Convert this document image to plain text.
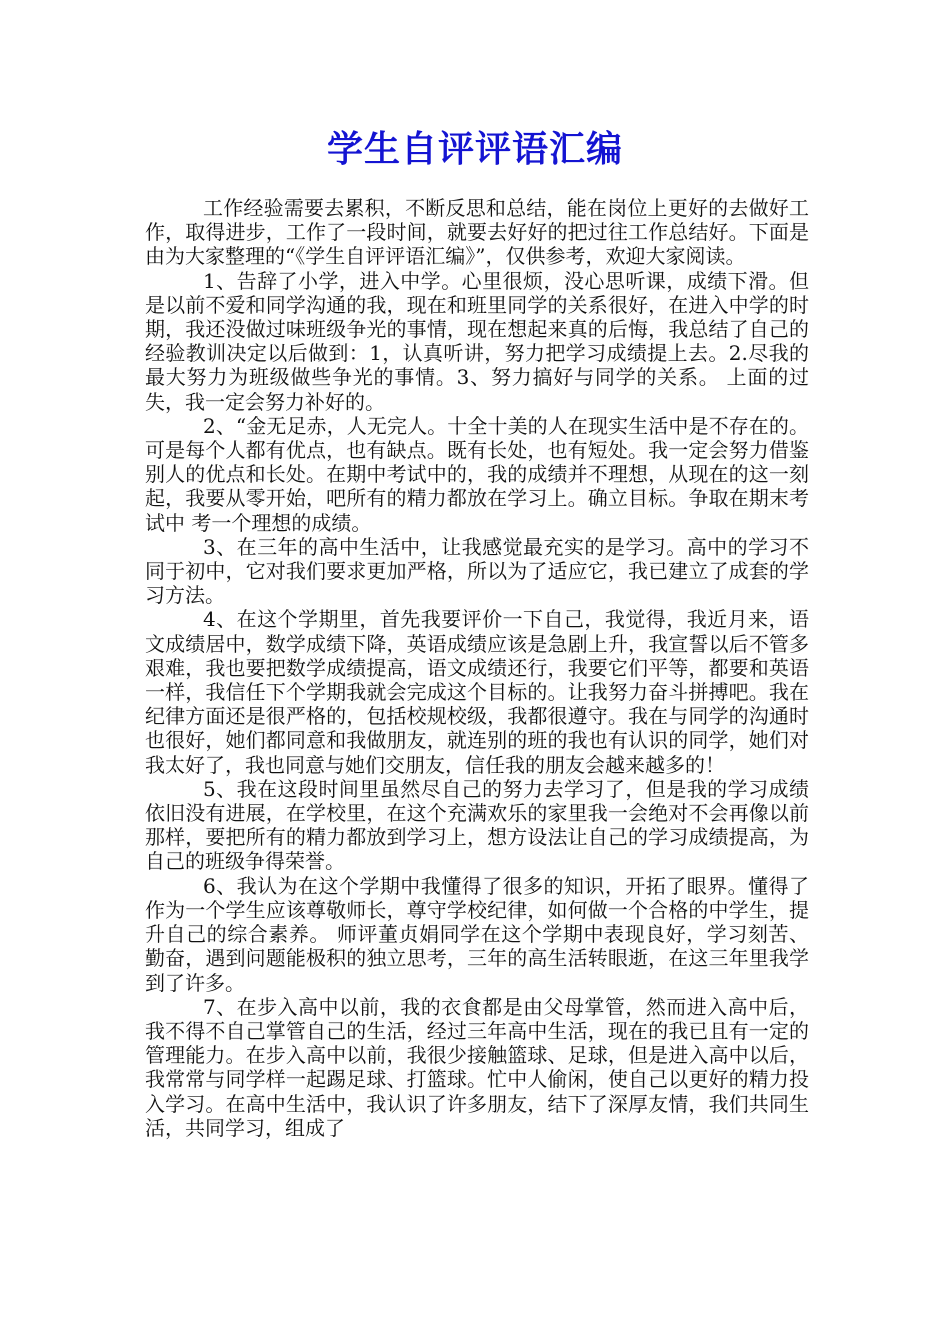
学生自评评语汇编

工作经验需要去累积，不断反思和总结，能在岗位上更好的去做好工作，取得进步，工作了一段时间，就要去好好的把过往工作总结好。下面是由为大家整理的“《学生自评评语汇编》”，仅供参考，欢迎大家阅读。

1、告辞了小学，进入中学。心里很烦，没心思听课，成绩下滑。但是以前不爱和同学沟通的我，现在和班里同学的关系很好，在进入中学的时期，我还没做过味班级争光的事情，现在想起来真的后悔，我总结了自己的经验教训决定以后做到：1，认真听讲，努力把学习成绩提上去。2.尽我的最大努力为班级做些争光的事情。3、努力搞好与同学的关系。 上面的过失，我一定会努力补好的。

2、“金无足赤，人无完人。十全十美的人在现实生活中是不存在的。可是每个人都有优点，也有缺点。既有长处，也有短处。我一定会努力借鉴别人的优点和长处。在期中考试中的，我的成绩并不理想，从现在的这一刻起，我要从零开始，吧所有的精力都放在学习上。确立目标。争取在期末考试中 考一个理想的成绩。

3、在三年的高中生活中，让我感觉最充实的是学习。高中的学习不同于初中，它对我们要求更加严格，所以为了适应它，我已建立了成套的学习方法。

4、在这个学期里，首先我要评价一下自己，我觉得，我近月来，语文成绩居中，数学成绩下降，英语成绩应该是急剧上升，我宣誓以后不管多艰难，我也要把数学成绩提高，语文成绩还行，我要它们平等，都要和英语一样，我信任下个学期我就会完成这个目标的。让我努力奋斗拼搏吧。我在纪律方面还是很严格的，包括校规校级，我都很遵守。我在与同学的沟通时也很好，她们都同意和我做朋友，就连别的班的我也有认识的同学，她们对我太好了，我也同意与她们交朋友，信任我的朋友会越来越多的！

5、我在这段时间里虽然尽自己的努力去学习了，但是我的学习成绩依旧没有进展，在学校里，在这个充满欢乐的家里我一会绝对不会再像以前那样，要把所有的精力都放到学习上，想方设法让自己的学习成绩提高，为自己的班级争得荣誉。

6、我认为在这个学期中我懂得了很多的知识，开拓了眼界。懂得了作为一个学生应该尊敬师长，尊守学校纪律，如何做一个合格的中学生，提升自己的综合素养。 师评董贞娟同学在这个学期中表现良好，学习刻苦、勤奋，遇到问题能极积的独立思考，三年的高生活转眼逝，在这三年里我学到了许多。

7、在步入高中以前，我的衣食都是由父母掌管，然而进入高中后，我不得不自己掌管自己的生活，经过三年高中生活，现在的我已且有一定的管理能力。在步入高中以前，我很少接触篮球、足球，但是进入高中以后，我常常与同学样一起踢足球、打篮球。忙中人偷闲，使自己以更好的精力投入学习。在高中生活中，我认识了许多朋友，结下了深厚友情，我们共同生活，共同学习，组成了
